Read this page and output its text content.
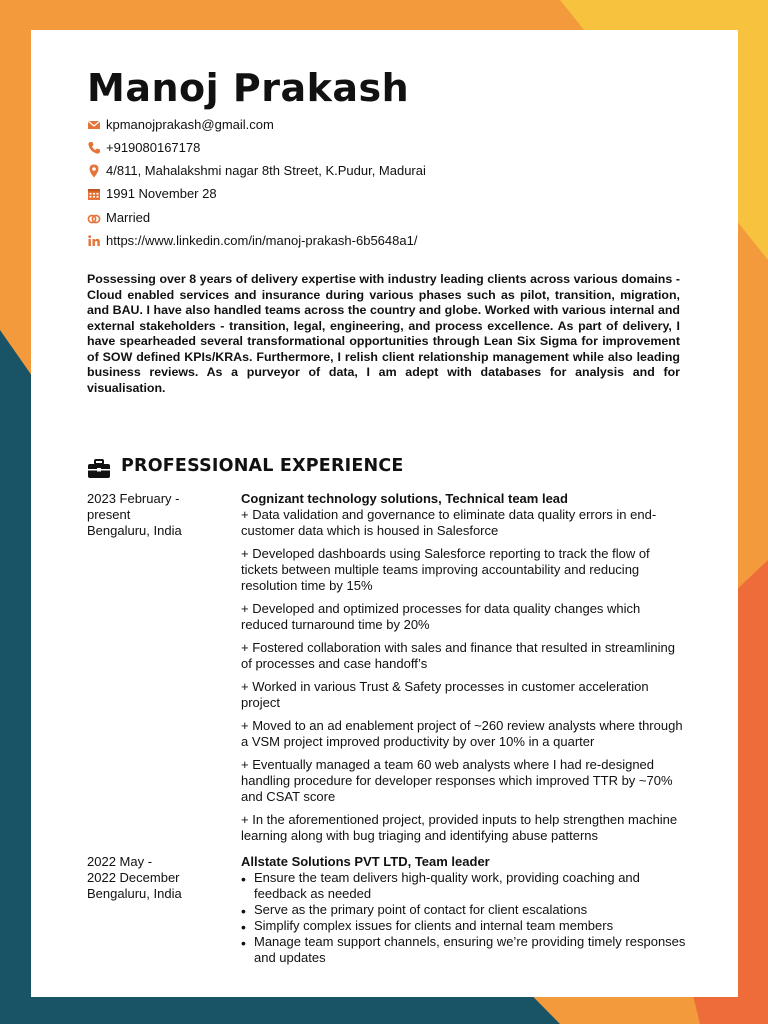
Manoj Prakash
kpmanojprakash@gmail.com
+919080167178
4/811, Mahalakshmi nagar 8th Street, K.Pudur, Madurai
1991 November 28
Married
https://www.linkedin.com/in/manoj-prakash-6b5648a1/

Possessing over 8 years of delivery expertise with industry leading clients across various domains - Cloud enabled services and insurance during various phases such as pilot, transition, migration, and BAU. I have also handled teams across the country and globe. Worked with various internal and external stakeholders - transition, legal, engineering, and process excellence. As part of delivery, I have spearheaded several transformational opportunities through Lean Six Sigma for improvement of SOW defined KPIs/KRAs. Furthermore, I relish client relationship management while also leading business reviews. As a purveyor of data, I am adept with databases for analysis and for visualisation.

PROFESSIONAL EXPERIENCE
2023 February -
present
Bengaluru, India
Cognizant technology solutions, Technical team lead

+ Data validation and governance to eliminate data quality errors in end-customer data which is housed in Salesforce

+ Developed dashboards using Salesforce reporting to track the flow of tickets between multiple teams improving accountability and reducing resolution time by 15%

+ Developed and optimized processes for data quality changes which reduced turnaround time by 20%

+ Fostered collaboration with sales and finance that resulted in streamlining of processes and case handoff’s

+ Worked in various Trust & Safety processes in customer acceleration project

+ Moved to an ad enablement project of ~260 review analysts where through a VSM project improved productivity by over 10% in a quarter

+ Eventually managed a team 60 web analysts where I had re-designed handling procedure for developer responses which improved TTR by ~70% and CSAT score

+ In the aforementioned project, provided inputs to help strengthen machine learning along with bug triaging and identifying abuse patterns

2022 May -
2022 December
Bengaluru, India
Allstate Solutions PVT LTD, Team leader
• Ensure the team delivers high-quality work, providing coaching and feedback as needed
• Serve as the primary point of contact for client escalations
• Simplify complex issues for clients and internal team members
• Manage team support channels, ensuring we’re providing timely responses and updates
